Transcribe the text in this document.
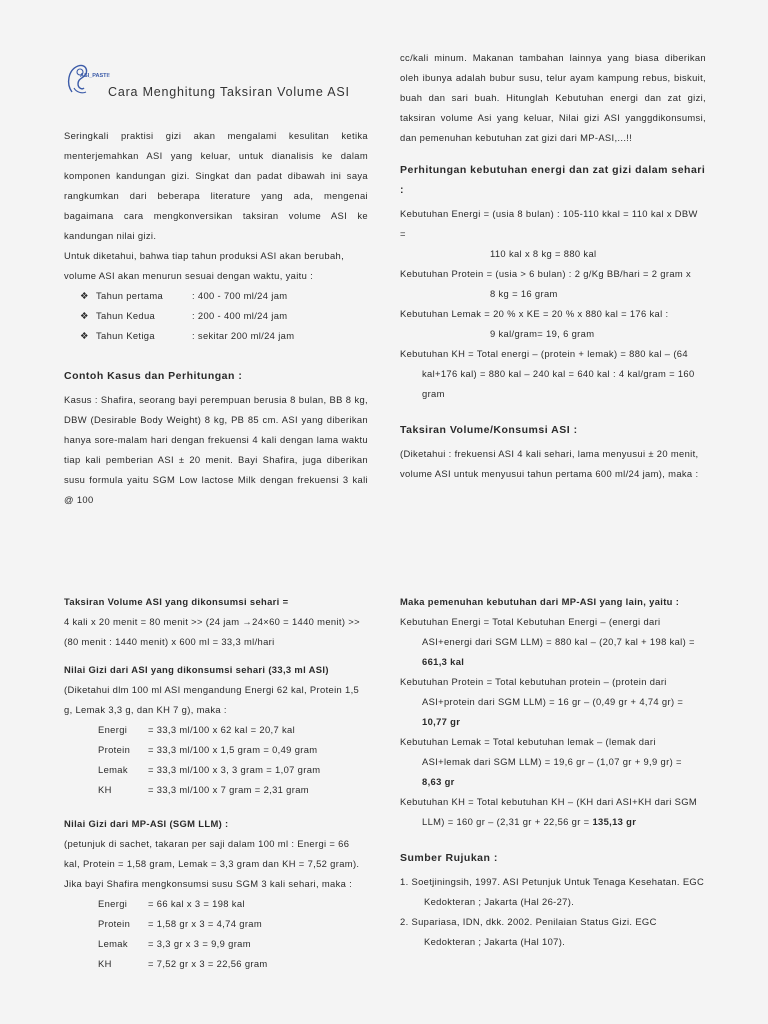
ASI_PASTI!
Cara Menghitung Taksiran Volume ASI

Seringkali praktisi gizi akan mengalami kesulitan ketika menterjemahkan ASI yang keluar, untuk dianalisis ke dalam komponen kandungan gizi. Singkat dan padat dibawah ini saya rangkumkan dari beberapa literature yang ada, mengenai bagaimana cara mengkonversikan taksiran volume ASI ke kandungan nilai gizi.

Untuk diketahui, bahwa tiap tahun produksi ASI akan berubah, volume ASI akan menurun sesuai dengan waktu, yaitu :

❖ Tahun pertama	: 400 - 700 ml/24 jam
❖ Tahun Kedua	: 200 - 400 ml/24 jam
❖ Tahun Ketiga	: sekitar 200 ml/24 jam

Contoh Kasus dan Perhitungan :

Kasus : Shafira, seorang bayi perempuan berusia 8 bulan, BB 8 kg, DBW (Desirable Body Weight) 8 kg, PB 85 cm. ASI yang diberikan hanya sore-malam hari dengan frekuensi 4 kali dengan lama waktu tiap kali pemberian ASI ± 20 menit. Bayi Shafira, juga diberikan susu formula yaitu SGM Low lactose Milk dengan frekuensi 3 kali @ 100

cc/kali minum. Makanan tambahan lainnya yang biasa diberikan oleh ibunya adalah bubur susu, telur ayam kampung rebus, biskuit, buah dan sari buah. Hitunglah Kebutuhan energi dan zat gizi, taksiran volume Asi yang keluar, Nilai gizi ASI yanggdikonsumsi, dan pemenuhan kebutuhan zat gizi dari MP-ASI,...!!

Perhitungan kebutuhan energi dan zat gizi dalam sehari :

Kebutuhan Energi = (usia 8 bulan) : 105-110 kkal = 110 kal x DBW =

110 kal x 8 kg = 880 kal

Kebutuhan Protein = (usia > 6 bulan) : 2 g/Kg BB/hari = 2 gram x

8 kg = 16 gram

Kebutuhan Lemak = 20 % x KE = 20 % x 880 kal = 176 kal :

9 kal/gram= 19, 6 gram

Kebutuhan KH = Total energi – (protein + lemak) = 880 kal – (64

kal+176 kal) = 880 kal – 240 kal = 640 kal : 4 kal/gram = 160 gram

Taksiran Volume/Konsumsi ASI :

(Diketahui : frekuensi ASI 4 kali sehari, lama menyusui ± 20 menit, volume ASI untuk menyusui tahun pertama 600 ml/24 jam), maka :

Taksiran Volume ASI yang dikonsumsi sehari =

4 kali x 20 menit = 80 menit >> (24 jam →24×60 = 1440 menit) >> (80 menit : 1440 menit) x 600 ml = 33,3 ml/hari

Nilai Gizi dari ASI yang dikonsumsi sehari (33,3 ml ASI)

(Diketahui dlm 100 ml ASI mengandung Energi 62 kal, Protein 1,5 g, Lemak 3,3 g, dan KH 7 g), maka :

Energi	= 33,3 ml/100 x 62 kal = 20,7 kal
Protein	= 33,3 ml/100 x 1,5 gram = 0,49 gram
Lemak	= 33,3 ml/100 x 3, 3 gram = 1,07 gram
KH	= 33,3 ml/100 x 7 gram = 2,31 gram

Nilai Gizi dari MP-ASI (SGM LLM) :

(petunjuk di sachet, takaran per saji dalam 100 ml : Energi = 66 kal, Protein = 1,58 gram, Lemak = 3,3 gram dan KH = 7,52 gram).

Jika bayi Shafira mengkonsumsi susu SGM 3 kali sehari, maka :

Energi	= 66 kal x 3 = 198 kal
Protein	= 1,58 gr x 3 = 4,74 gram
Lemak	= 3,3 gr x 3 = 9,9 gram
KH	= 7,52 gr x 3 = 22,56 gram

Maka pemenuhan kebutuhan dari MP-ASI yang lain, yaitu :

Kebutuhan Energi = Total Kebutuhan Energi – (energi dari

ASI+energi dari SGM LLM) = 880 kal – (20,7 kal + 198 kal) =

661,3 kal

Kebutuhan Protein = Total kebutuhan protein – (protein dari

ASI+protein dari SGM LLM) = 16 gr – (0,49 gr + 4,74 gr) =

10,77 gr

Kebutuhan Lemak = Total kebutuhan lemak – (lemak dari

ASI+lemak dari SGM LLM) = 19,6 gr – (1,07 gr + 9,9 gr) =

8,63 gr

Kebutuhan KH = Total kebutuhan KH – (KH dari ASI+KH dari SGM

LLM) = 160 gr – (2,31 gr + 22,56 gr = 135,13 gr

Sumber Rujukan :

1. Soetjiningsih, 1997. ASI Petunjuk Untuk Tenaga Kesehatan. EGC Kedokteran ; Jakarta (Hal 26-27).

2. Supariasa, IDN, dkk. 2002. Penilaian Status Gizi. EGC Kedokteran ; Jakarta (Hal 107).
